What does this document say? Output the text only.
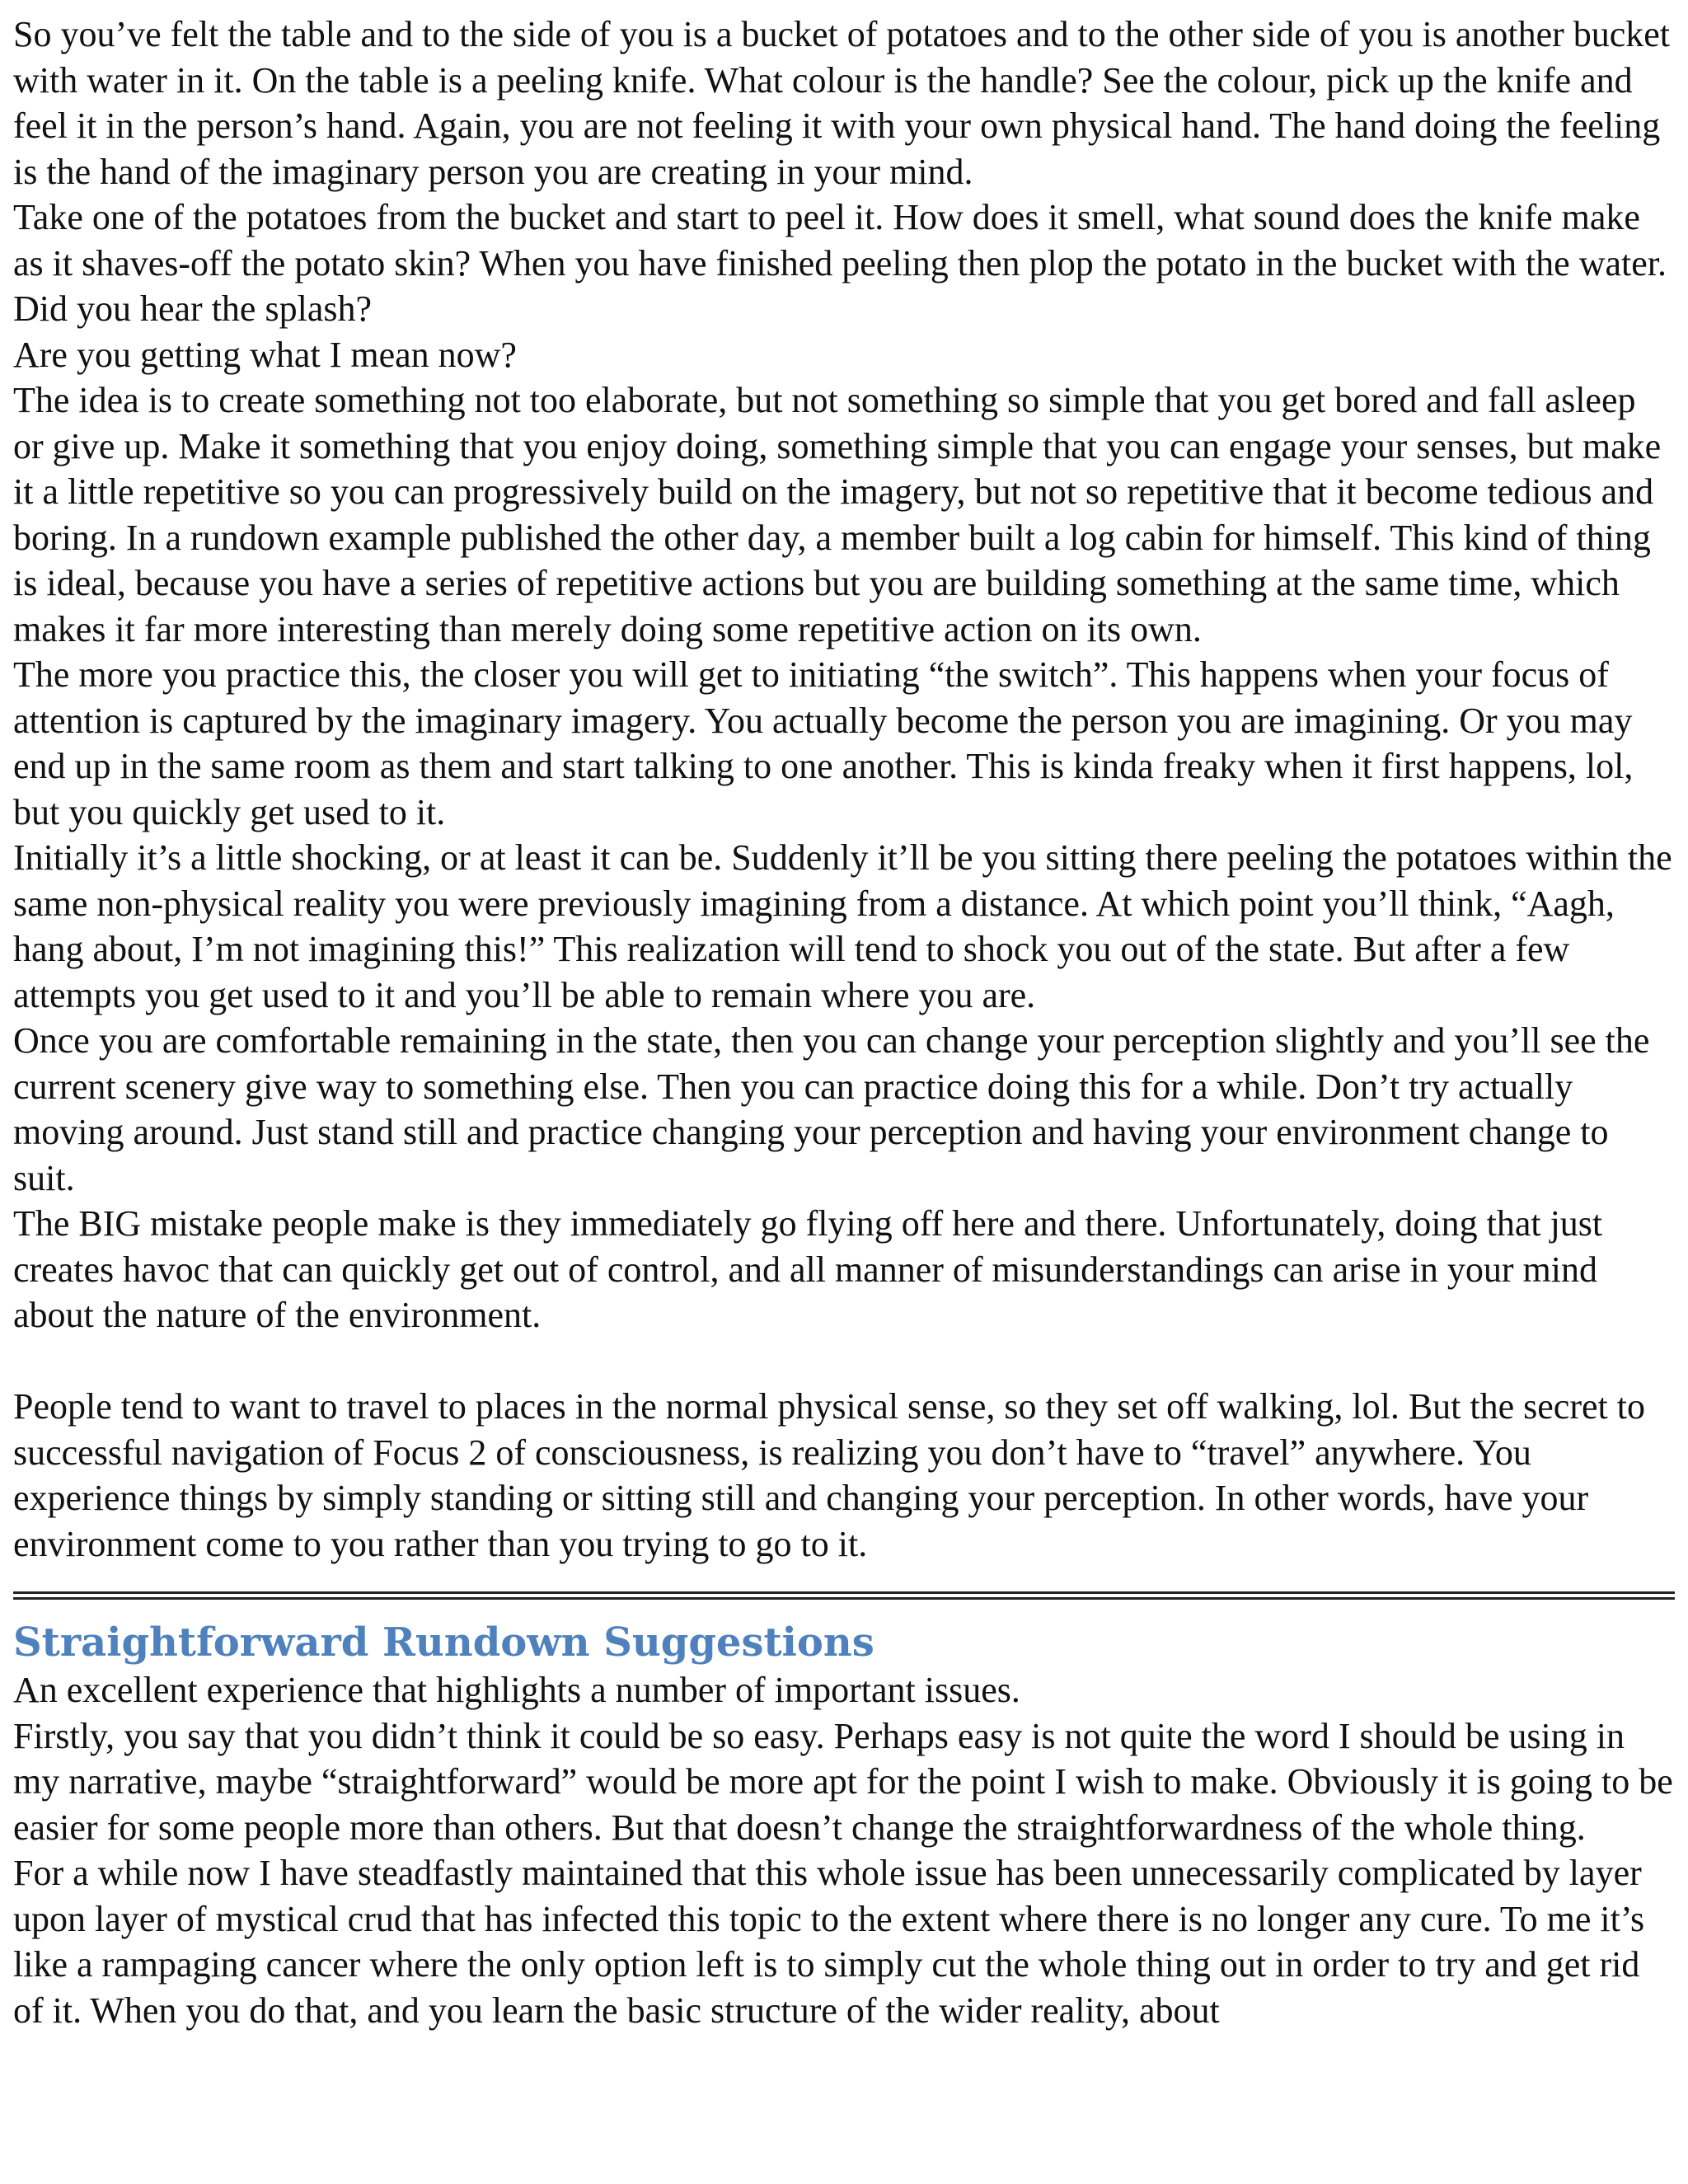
So you’ve felt the table and to the side of you is a bucket of potatoes and to the other side of you is another bucket with water in it. On the table is a peeling knife. What colour is the handle? See the colour, pick up the knife and feel it in the person’s hand. Again, you are not feeling it with your own physical hand. The hand doing the feeling is the hand of the imaginary person you are creating in your mind.

Take one of the potatoes from the bucket and start to peel it. How does it smell, what sound does the knife make as it shaves-off the potato skin? When you have finished peeling then plop the potato in the bucket with the water. Did you hear the splash?

Are you getting what I mean now?

The idea is to create something not too elaborate, but not something so simple that you get bored and fall asleep or give up. Make it something that you enjoy doing, something simple that you can engage your senses, but make it a little repetitive so you can progressively build on the imagery, but not so repetitive that it become tedious and boring. In a rundown example published the other day, a member built a log cabin for himself. This kind of thing is ideal, because you have a series of repetitive actions but you are building something at the same time, which makes it far more interesting than merely doing some repetitive action on its own.

The more you practice this, the closer you will get to initiating “the switch”. This happens when your focus of attention is captured by the imaginary imagery. You actually become the person you are imagining. Or you may end up in the same room as them and start talking to one another. This is kinda freaky when it first happens, lol, but you quickly get used to it.

Initially it’s a little shocking, or at least it can be. Suddenly it’ll be you sitting there peeling the potatoes within the same non-physical reality you were previously imagining from a distance. At which point you’ll think, “Aagh, hang about, I’m not imagining this!” This realization will tend to shock you out of the state. But after a few attempts you get used to it and you’ll be able to remain where you are.

Once you are comfortable remaining in the state, then you can change your perception slightly and you’ll see the current scenery give way to something else. Then you can practice doing this for a while. Don’t try actually moving around. Just stand still and practice changing your perception and having your environment change to suit.

The BIG mistake people make is they immediately go flying off here and there. Unfortunately, doing that just creates havoc that can quickly get out of control, and all manner of misunderstandings can arise in your mind about the nature of the environment.

People tend to want to travel to places in the normal physical sense, so they set off walking, lol. But the secret to successful navigation of Focus 2 of consciousness, is realizing you don’t have to “travel” anywhere. You experience things by simply standing or sitting still and changing your perception. In other words, have your environment come to you rather than you trying to go to it.

Straightforward Rundown Suggestions

An excellent experience that highlights a number of important issues.

Firstly, you say that you didn’t think it could be so easy. Perhaps easy is not quite the word I should be using in my narrative, maybe “straightforward” would be more apt for the point I wish to make. Obviously it is going to be easier for some people more than others. But that doesn’t change the straightforwardness of the whole thing.

For a while now I have steadfastly maintained that this whole issue has been unnecessarily complicated by layer upon layer of mystical crud that has infected this topic to the extent where there is no longer any cure. To me it’s like a rampaging cancer where the only option left is to simply cut the whole thing out in order to try and get rid of it. When you do that, and you learn the basic structure of the wider reality, about
